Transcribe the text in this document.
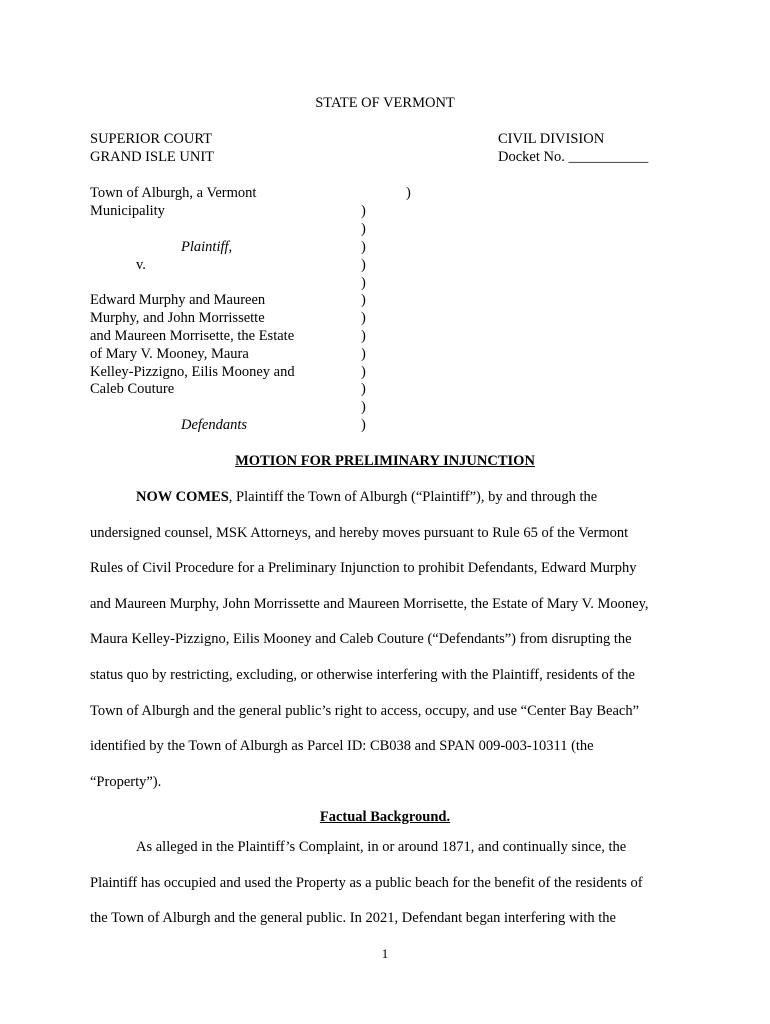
STATE OF VERMONT
SUPERIOR COURT
GRAND ISLE UNIT
CIVIL DIVISION
Docket No. ___________
Town of Alburgh, a Vermont
Municipality
Plaintiff,
v.
Edward Murphy and Maureen
Murphy, and John Morrissette
and Maureen Morrisette, the Estate
of Mary V. Mooney, Maura
Kelley-Pizzigno, Eilis Mooney and
Caleb Couture
Defendants
)
)
)
)
)
)
)
)
)
)
)
)
)
)
MOTION FOR PRELIMINARY INJUNCTION
NOW COMES, Plaintiff the Town of Alburgh (“Plaintiff”), by and through the
undersigned counsel, MSK Attorneys, and hereby moves pursuant to Rule 65 of the Vermont
Rules of Civil Procedure for a Preliminary Injunction to prohibit Defendants, Edward Murphy
and Maureen Murphy, John Morrissette and Maureen Morrisette, the Estate of Mary V. Mooney,
Maura Kelley-Pizzigno, Eilis Mooney and Caleb Couture (“Defendants”) from disrupting the
status quo by restricting, excluding, or otherwise interfering with the Plaintiff, residents of the
Town of Alburgh and the general public’s right to access, occupy, and use “Center Bay Beach”
identified by the Town of Alburgh as Parcel ID: CB038 and SPAN 009-003-10311 (the
“Property”).
Factual Background.
As alleged in the Plaintiff’s Complaint, in or around 1871, and continually since, the
Plaintiff has occupied and used the Property as a public beach for the benefit of the residents of
the Town of Alburgh and the general public. In 2021, Defendant began interfering with the
1
